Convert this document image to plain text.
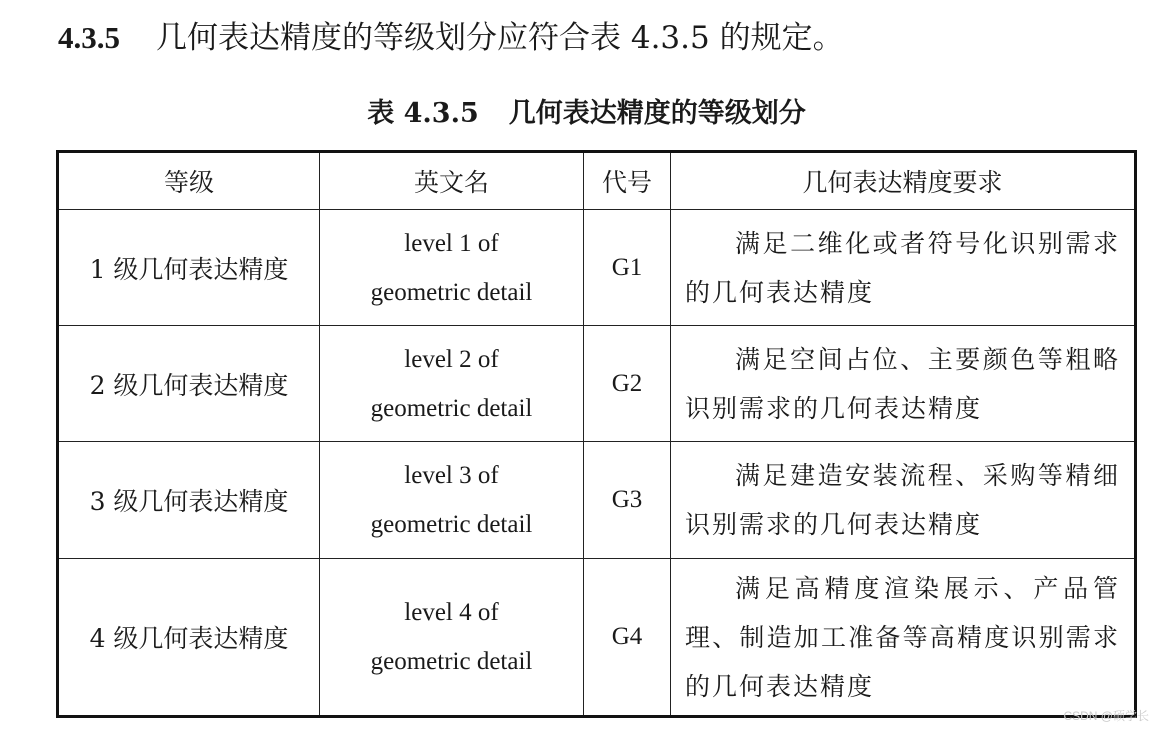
4.3.5 几何表达精度的等级划分应符合表 4.3.5 的规定。
表 4.3.5 几何表达精度的等级划分
等级	英文名	代号	几何表达精度要求
1 级几何表达精度	level 1 of
geometric detail	G1	满足二维化或者符号化识别需求的几何表达精度

2 级几何表达精度	level 2 of
geometric detail	G2	满足空间占位、主要颜色等粗略识别需求的几何表达精度

3 级几何表达精度	level 3 of
geometric detail	G3	满足建造安装流程、采购等精细识别需求的几何表达精度

4 级几何表达精度	level 4 of
geometric detail	G4	满足高精度渲染展示、产品管理、制造加工准备等高精度识别需求的几何表达精度
CSDN @硕学长
